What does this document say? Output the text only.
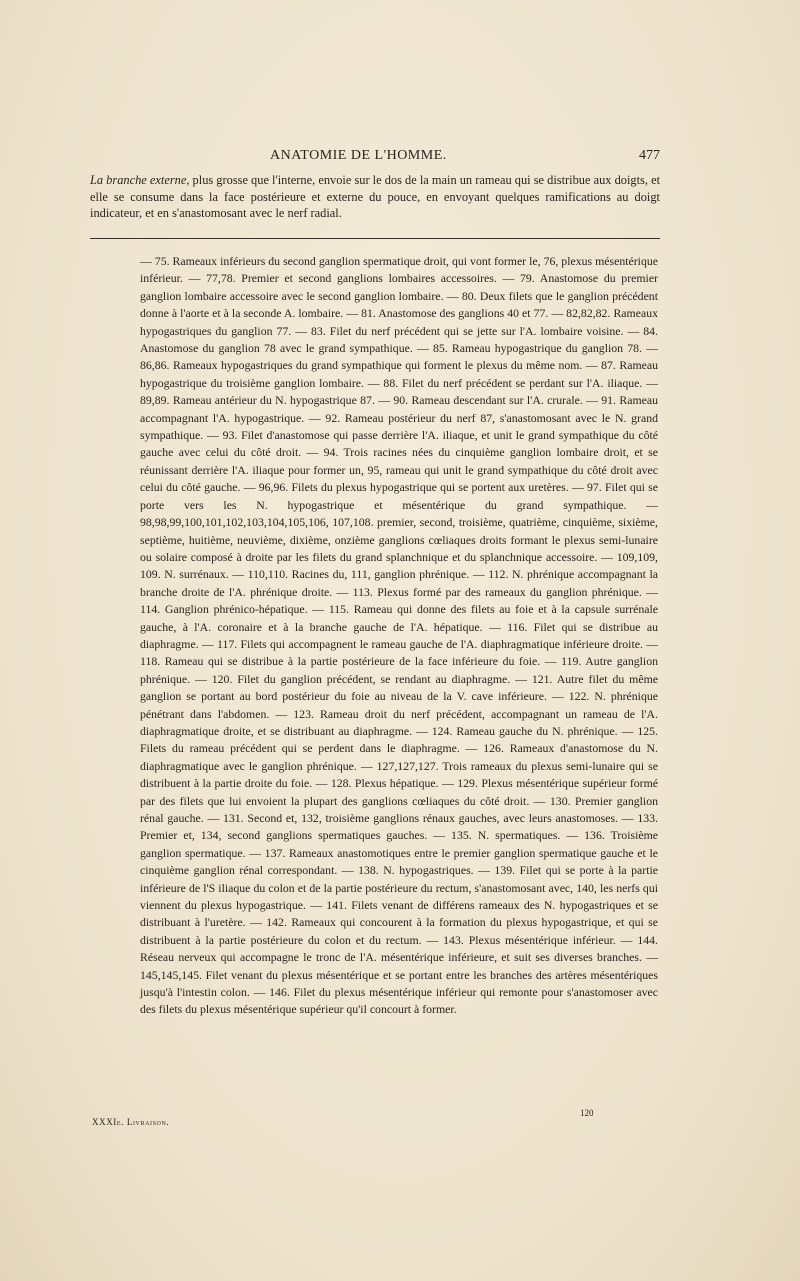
ANATOMIE DE L'HOMME.	477

La branche externe, plus grosse que l'interne, envoie sur le dos de la main un rameau qui se distribue aux doigts, et elle se consume dans la face postérieure et externe du pouce, en envoyant quelques ramifications au doigt indicateur, et en s'anastomosant avec le nerf radial.

— 75. Rameaux inférieurs du second ganglion spermatique droit, qui vont former le, 76, plexus mésentérique inférieur. — 77,78. Premier et second ganglions lombaires accessoires. — 79. Anastomose du premier ganglion lombaire accessoire avec le second ganglion lombaire. — 80. Deux filets que le ganglion précédent donne à l'aorte et à la seconde A. lombaire. — 81. Anastomose des ganglions 40 et 77. — 82,82,82. Rameaux hypogastriques du ganglion 77. — 83. Filet du nerf précédent qui se jette sur l'A. lombaire voisine. — 84. Anastomose du ganglion 78 avec le grand sympathique. — 85. Rameau hypogastrique du ganglion 78. — 86,86. Rameaux hypogastriques du grand sympathique qui forment le plexus du même nom. — 87. Rameau hypogastrique du troisième ganglion lombaire. — 88. Filet du nerf précédent se perdant sur l'A. iliaque. — 89,89. Rameau antérieur du N. hypogastrique 87. — 90. Rameau descendant sur l'A. crurale. — 91. Rameau accompagnant l'A. hypogastrique. — 92. Rameau postérieur du nerf 87, s'anastomosant avec le N. grand sympathique. — 93. Filet d'anastomose qui passe derrière l'A. iliaque, et unit le grand sympathique du côté gauche avec celui du côté droit. — 94. Trois racines nées du cinquième ganglion lombaire droit, et se réunissant derrière l'A. iliaque pour former un, 95, rameau qui unit le grand sympathique du côté droit avec celui du côté gauche. — 96,96. Filets du plexus hypogastrique qui se portent aux uretères. — 97. Filet qui se porte vers les N. hypogastrique et mésentérique du grand sympathique. — 98,98,99,100,101,102,103,104,105,106, 107,108. premier, second, troisième, quatrième, cinquième, sixième, septième, huitième, neuvième, dixième, onzième ganglions cœliaques droits formant le plexus semi-lunaire ou solaire composé à droite par les filets du grand splanchnique et du splanchnique accessoire. — 109,109, 109. N. surrénaux. — 110,110. Racines du, 111, ganglion phrénique. — 112. N. phrénique accompagnant la branche droite de l'A. phrénique droite. — 113. Plexus formé par des rameaux du ganglion phrénique. — 114. Ganglion phrénico-hépatique. — 115. Rameau qui donne des filets au foie et à la capsule surrénale gauche, à l'A. coronaire et à la branche gauche de l'A. hépatique. — 116. Filet qui se distribue au diaphragme. — 117. Filets qui accompagnent le rameau gauche de l'A. diaphragmatique inférieure droite. — 118. Rameau qui se distribue à la partie postérieure de la face inférieure du foie. — 119. Autre ganglion phrénique. — 120. Filet du ganglion précédent, se rendant au diaphragme. — 121. Autre filet du même ganglion se portant au bord postérieur du foie au niveau de la V. cave inférieure. — 122. N. phrénique pénétrant dans l'abdomen. — 123. Rameau droit du nerf précédent, accompagnant un rameau de l'A. diaphragmatique droite, et se distribuant au diaphragme. — 124. Rameau gauche du N. phrénique. — 125. Filets du rameau précédent qui se perdent dans le diaphragme. — 126. Rameaux d'anastomose du N. diaphragmatique avec le ganglion phrénique. — 127,127,127. Trois rameaux du plexus semi-lunaire qui se distribuent à la partie droite du foie. — 128. Plexus hépatique. — 129. Plexus mésentérique supérieur formé par des filets que lui envoient la plupart des ganglions cœliaques du côté droit. — 130. Premier ganglion rénal gauche. — 131. Second et, 132, troisième ganglions rénaux gauches, avec leurs anastomoses. — 133. Premier et, 134, second ganglions spermatiques gauches. — 135. N. spermatiques. — 136. Troisième ganglion spermatique. — 137. Rameaux anastomotiques entre le premier ganglion spermatique gauche et le cinquième ganglion rénal correspondant. — 138. N. hypogastriques. — 139. Filet qui se porte à la partie inférieure de l'S iliaque du colon et de la partie postérieure du rectum, s'anastomosant avec, 140, les nerfs qui viennent du plexus hypogastrique. — 141. Filets venant de différens rameaux des N. hypogastriques et se distribuant à l'uretère. — 142. Rameaux qui concourent à la formation du plexus hypogastrique, et qui se distribuent à la partie postérieure du colon et du rectum. — 143. Plexus mésentérique inférieur. — 144. Réseau nerveux qui accompagne le tronc de l'A. mésentérique inférieure, et suit ses diverses branches. — 145,145,145. Filet venant du plexus mésentérique et se portant entre les branches des artères mésentériques jusqu'à l'intestin colon. — 146. Filet du plexus mésentérique inférieur qui remonte pour s'anastomoser avec des filets du plexus mésentérique supérieur qu'il concourt à former.

XXXIe. Livraison.
120
